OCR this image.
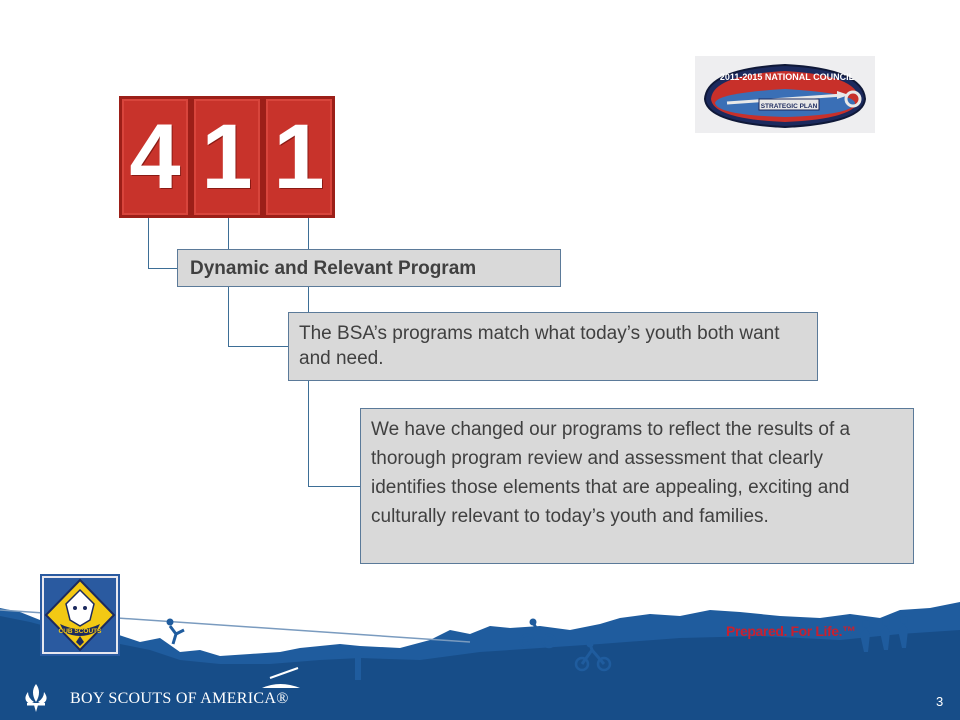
4 1 1
Dynamic and Relevant Program
The BSA’s programs match what today’s youth both want and need.
We have changed our programs to reflect the results of a thorough program review and assessment that clearly identifies those elements that are appealing, exciting and culturally relevant to today’s youth and families.
2011-2015 NATIONAL COUNCIL
STRATEGIC PLAN
CUB SCOUTS
BOY SCOUTS OF AMERICA®
Prepared. For Life.™
3
